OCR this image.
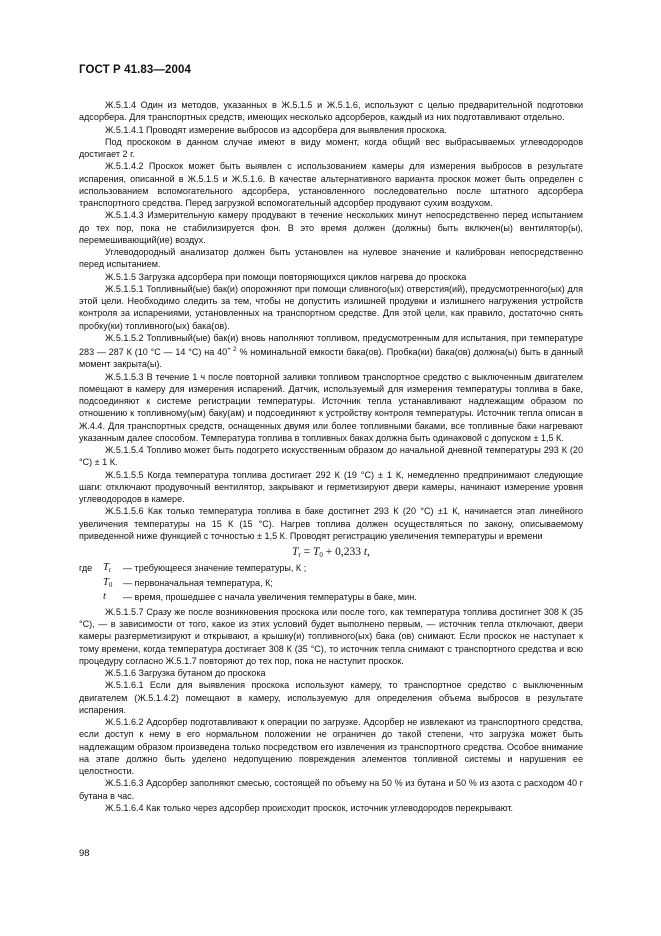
ГОСТ Р 41.83—2004

Ж.5.1.4 Один из методов, указанных в Ж.5.1.5 и Ж.5.1.6, используют с целью предварительной подготовки адсорбера. Для транспортных средств, имеющих несколько адсорберов, каждый из них подготавливают отдельно.

Ж.5.1.4.1 Проводят измерение выбросов из адсорбера для выявления проскока.

Под проскоком в данном случае имеют в виду момент, когда общий вес выбрасываемых углеводородов достигает 2 г.

Ж.5.1.4.2 Проскок может быть выявлен с использованием камеры для измерения выбросов в результате испарения, описанной в Ж.5.1.5 и Ж.5.1.6. В качестве альтернативного варианта проскок может быть определен с использованием вспомогательного адсорбера, установленного последовательно после штатного адсорбера транспортного средства. Перед загрузкой вспомогательный адсорбер продувают сухим воздухом.

Ж.5.1.4.3 Измерительную камеру продувают в течение нескольких минут непосредственно перед испытанием до тех пор, пока не стабилизируется фон. В это время должен (должны) быть включен(ы) вентилятор(ы), перемешивающий(ие) воздух.

Углеводородный анализатор должен быть установлен на нулевое значение и калиброван непосредственно перед испытанием.

Ж.5.1.5 Загрузка адсорбера при помощи повторяющихся циклов нагрева до проскока

Ж.5.1.5.1 Топливный(ые) бак(и) опорожняют при помощи сливного(ых) отверстия(ий), предусмотренного(ых) для этой цели. Необходимо следить за тем, чтобы не допустить излишней продувки и излишнего нагружения устройств контроля за испарениями, установленных на транспортном средстве. Для этой цели, как правило, достаточно снять пробку(ки) топливного(ых) бака(ов).

Ж.5.1.5.2 Топливный(ые) бак(и) вновь наполняют топливом, предусмотренным для испытания, при температуре 283 — 287 К (10 °С — 14 °С) на $40^{+ 2}$ % номинальной емкости бака(ов). Пробка(ки) бака(ов) должна(ы) быть в данный момент закрыта(ы).

Ж.5.1.5.3 В течение 1 ч после повторной заливки топливом транспортное средство с выключенным двигателем помещают в камеру для измерения испарений. Датчик, используемый для измерения температуры топлива в баке, подсоединяют к системе регистрации температуры. Источник тепла устанавливают надлежащим образом по отношению к топливному(ым) баку(ам) и подсоединяют к устройству контроля температуры. Источник тепла описан в Ж.4.4. Для транспортных средств, оснащенных двумя или более топливными баками, все топливные баки нагревают указанным далее способом. Температура топлива в топливных баках должна быть одинаковой с допуском ± 1,5 К.

Ж.5.1.5.4 Топливо может быть подогрето искусственным образом до начальной дневной температуры 293 К (20 °С) ± 1 К.

Ж.5.1.5.5 Когда температура топлива достигает 292 К (19 °С) ± 1 К, немедленно предпринимают следующие шаги: отключают продувочный вентилятор, закрывают и герметизируют двери камеры, начинают измерение уровня углеводородов в камере.

Ж.5.1.5.6 Как только температура топлива в баке достигнет 293 К (20 °С) ±1 К, начинается этап линейного увеличения температуры на 15 К (15 °С). Нагрев топлива должен осуществляться по закону, описываемому приведенной ниже функцией с точностью ± 1,5 К. Проводят регистрацию увеличения температуры и времени

$T_r = T_0 + 0,233$ t,
где	$T_r$	— требующееся значение температуры, К ;
	$T_0$	— первоначальная температура, К;
	t	— время, прошедшее с начала увеличения температуры в баке, мин.

Ж.5.1.5.7 Сразу же после возникновения проскока или после того, как температура топлива достигнет 308 К (35 °С), — в зависимости от того, какое из этих условий будет выполнено первым, — источник тепла отключают, двери камеры разгерметизируют и открывают, а крышку(и) топливного(ых) бака (ов) снимают. Если проскок не наступает к тому времени, когда температура достигает 308 К (35 °С), то источник тепла снимают с транспортного средства и всю процедуру согласно Ж.5.1.7 повторяют до тех пор, пока не наступит проскок.

Ж.5.1.6 Загрузка бутаном до проскока

Ж.5.1.6.1 Если для выявления проскока используют камеру, то транспортное средство с выключенным двигателем (Ж.5.1.4.2) помещают в камеру, используемую для определения объема выбросов в результате испарения.

Ж.5.1.6.2 Адсорбер подготавливают к операции по загрузке. Адсорбер не извлекают из транспортного средства, если доступ к нему в его нормальном положении не ограничен до такой степени, что загрузка может быть надлежащим образом произведена только посредством его извлечения из транспортного средства. Особое внимание на этапе должно быть уделено недопущению повреждения элементов топливной системы и нарушения ее целостности.

Ж.5.1.6.3 Адсорбер заполняют смесью, состоящей по объему на 50 % из бутана и 50 % из азота с расходом 40 г бутана в час.

Ж.5.1.6.4 Как только через адсорбер происходит проскок, источник углеводородов перекрывают.

98
